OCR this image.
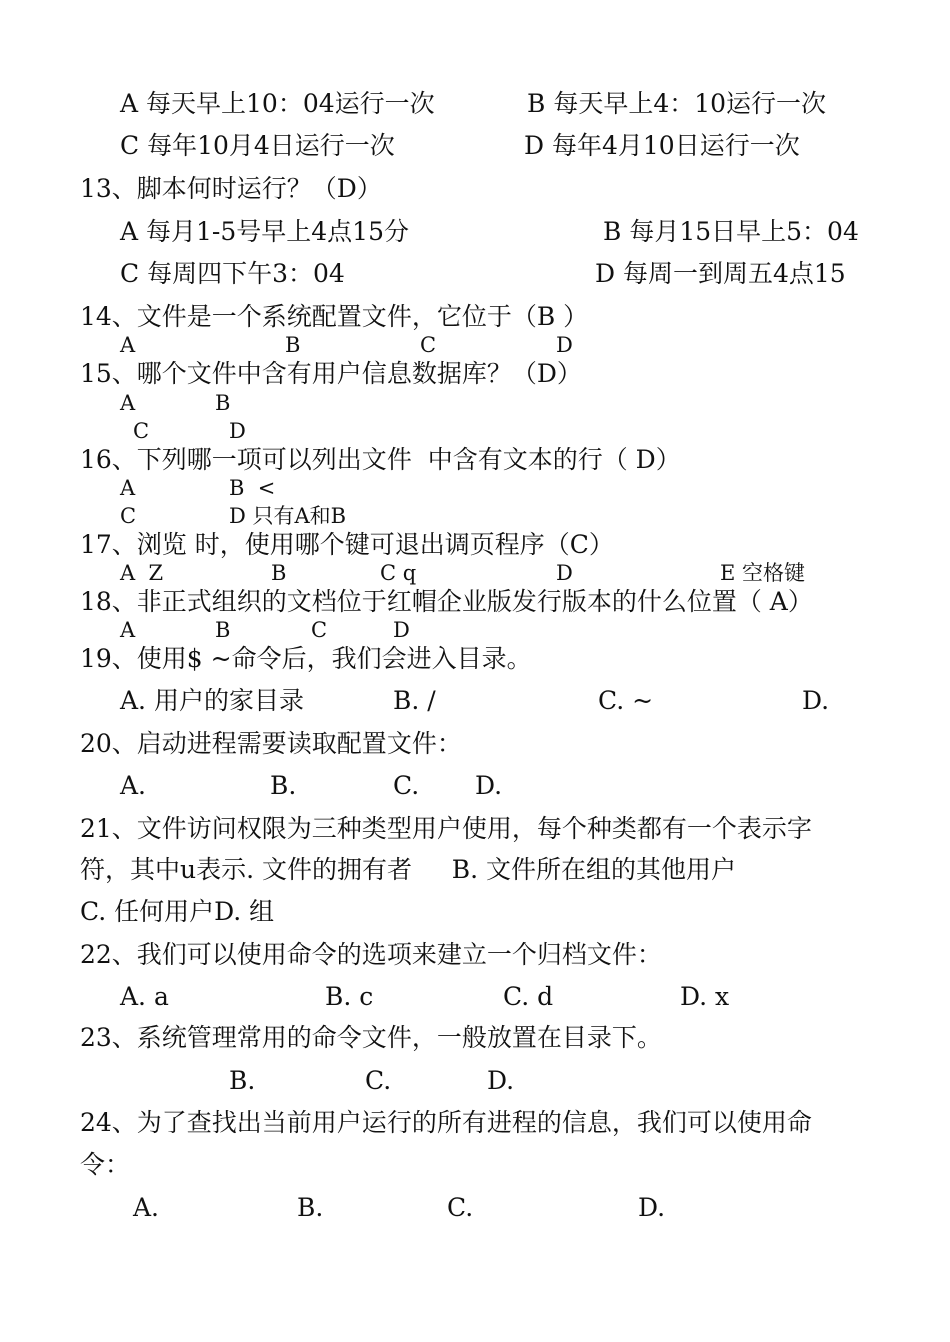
A 每天早上10：04运行一次	B 每天早上4：10运行一次
C 每年10月4日运行一次	D 每年4月10日运行一次
13、脚本何时运行？（D）
A 每月1-5号早上4点15分	B 每月15日早上5：04
C 每周四下午3：04	D 每周一到周五4点15
14、文件是一个系统配置文件，它位于（B ）
A	B	C	D
15、哪个文件中含有用户信息数据库？（D）
A	B
C	D
16、下列哪一项可以列出文件  中含有文本的行（ D）
A	B  <
C	D 只有A和B
17、浏览 时，使用哪个键可退出调页程序（C）
A  Z	B	C q	D	E 空格键
18、非正式组织的文档位于红帽企业版发行版本的什么位置（ A）
A	B	C	D
19、使用$ ~命令后，我们会进入目录。
A. 用户的家目录	B. /	C. ~	D.
20、启动进程需要读取配置文件：
A.	B.	C. D.
21、文件访问权限为三种类型用户使用，每个种类都有一个表示字
符，其中u表示. 文件的拥有者     B. 文件所在组的其他用户
C. 任何用户D. 组
22、我们可以使用命令的选项来建立一个归档文件：
A. a	B. c	C. d	D. x
23、系统管理常用的命令文件，一般放置在目录下。
B.	C.	D.
24、为了查找出当前用户运行的所有进程的信息，我们可以使用命
令：
A.	B.	C.	D.
